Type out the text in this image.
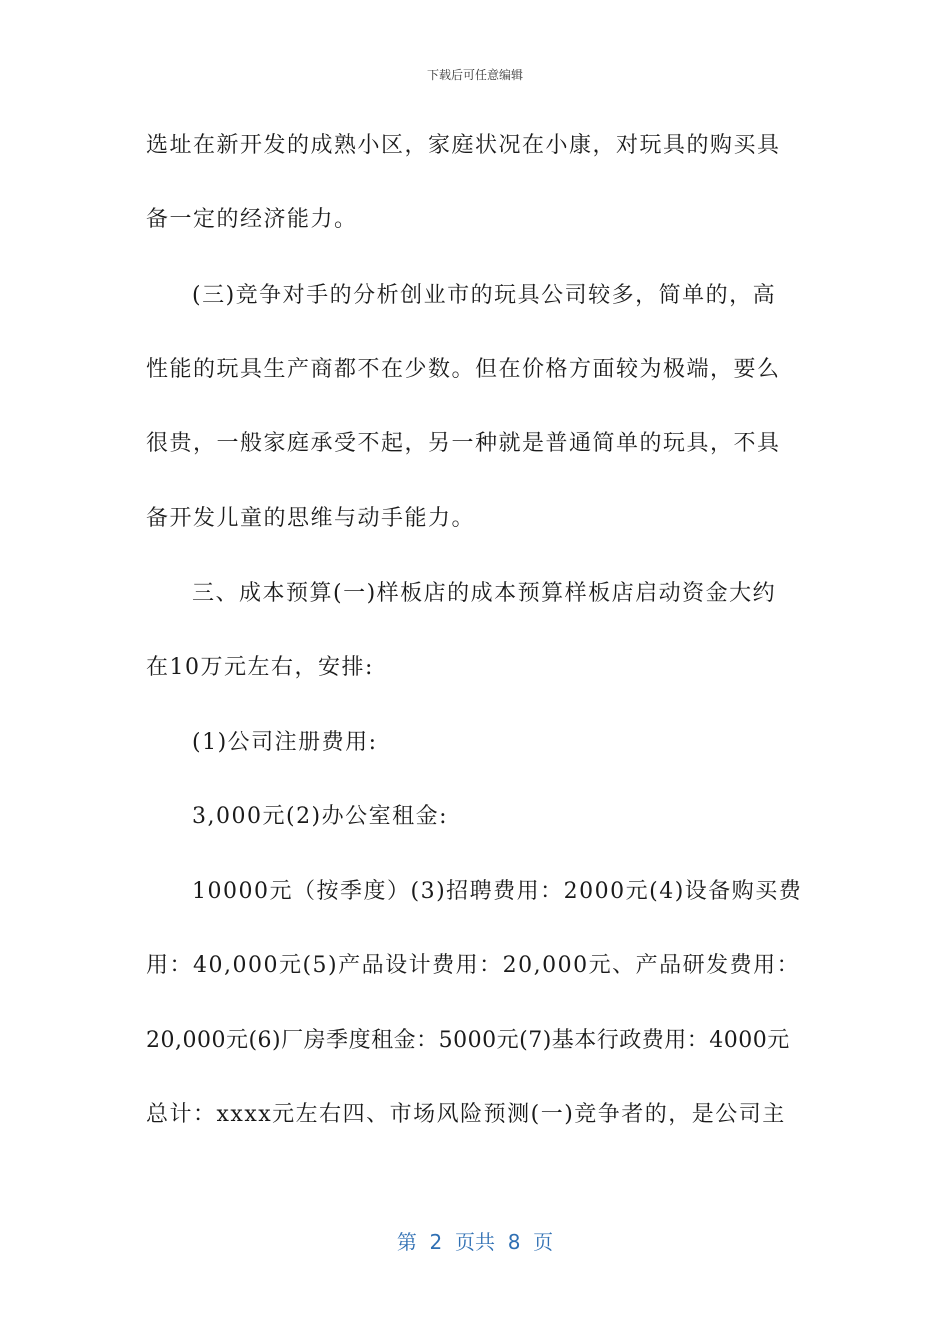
下载后可任意编辑
选址在新开发的成熟小区，家庭状况在小康，对玩具的购买具
备一定的经济能力。
(三)竞争对手的分析创业市的玩具公司较多，简单的，高
性能的玩具生产商都不在少数。但在价格方面较为极端，要么
很贵，一般家庭承受不起，另一种就是普通简单的玩具，不具
备开发儿童的思维与动手能力。
三、成本预算(一)样板店的成本预算样板店启动资金大约
在10万元左右，安排:
(1)公司注册费用:
3,000元(2)办公室租金:
10000元（按季度）(3)招聘费用：2000元(4)设备购买费
用：40,000元(5)产品设计费用：20,000元、产品研发费用：
20,000元(6)厂房季度租金：5000元(7)基本行政费用：4000元
总计：xxxx元左右四、市场风险预测(一)竞争者的，是公司主
第  2  页共  8  页
